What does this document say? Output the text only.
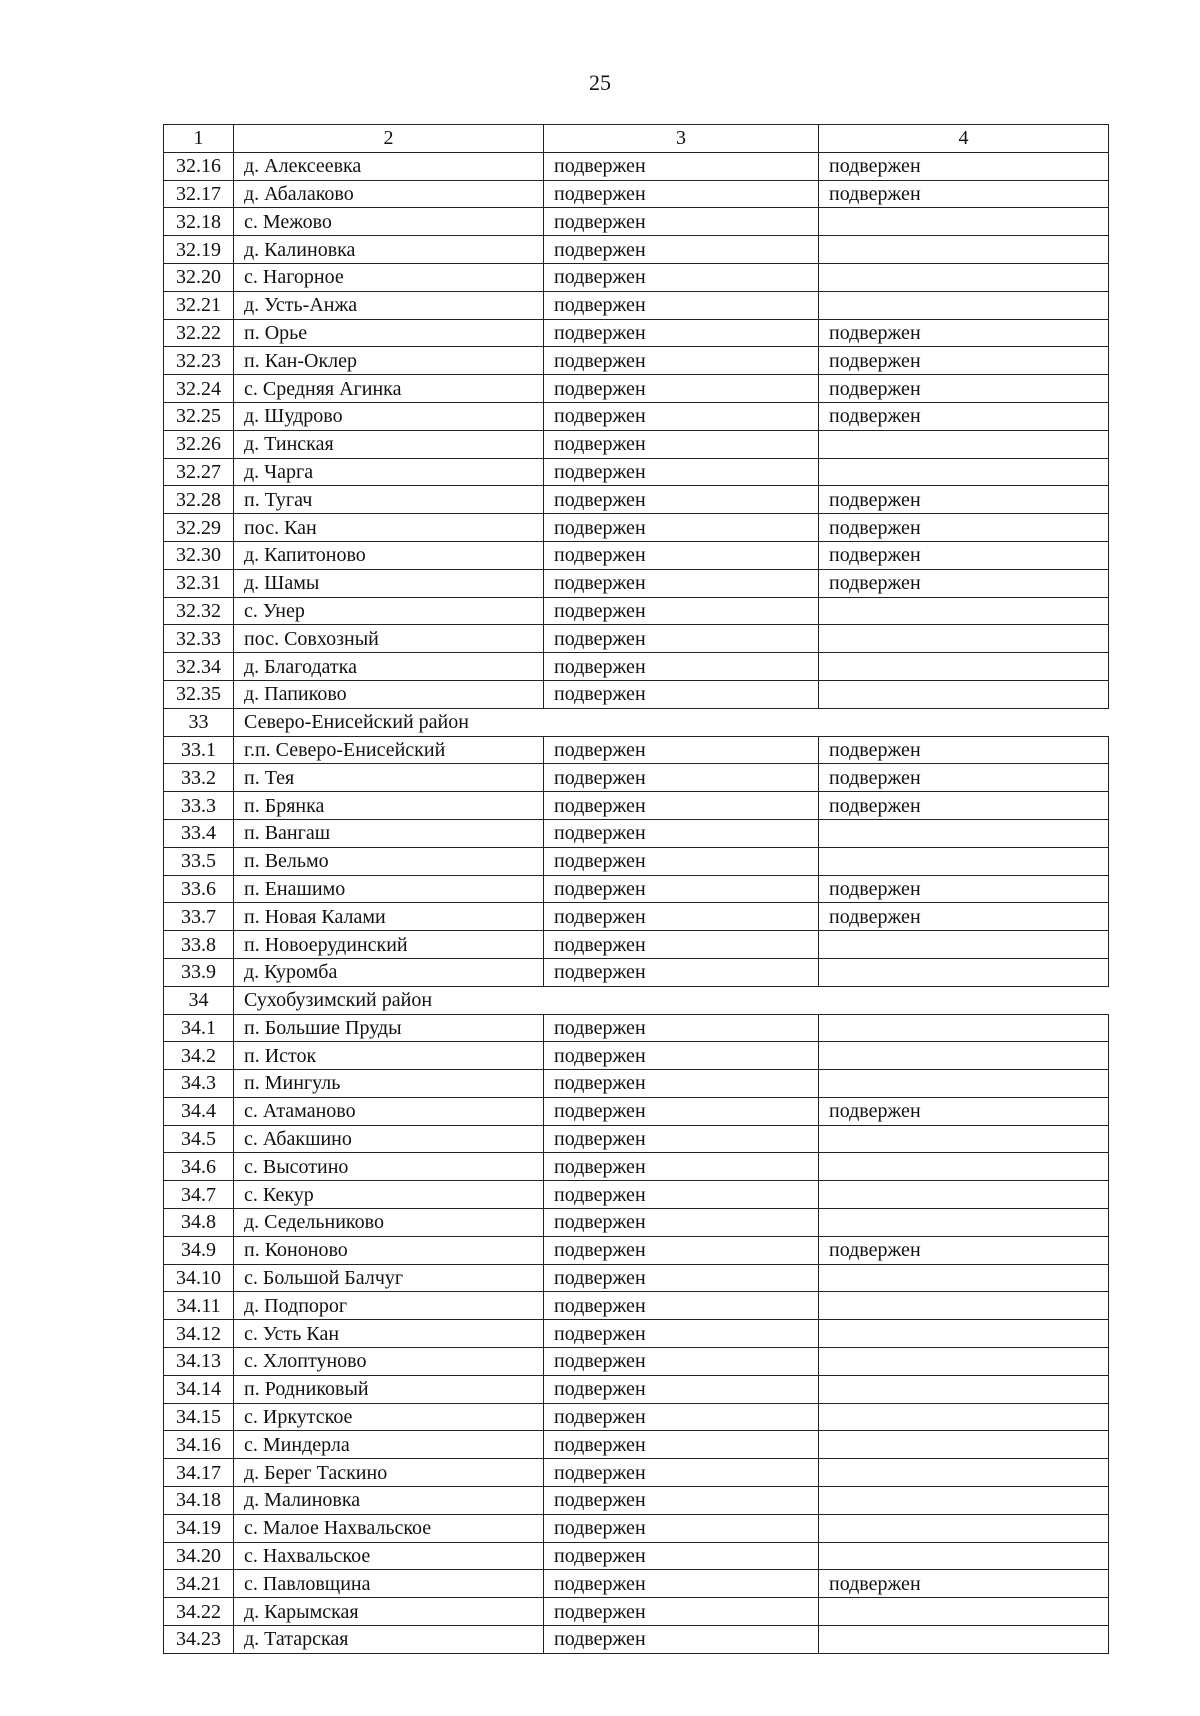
25
1	2	3	4
32.16	д. Алексеевка	подвержен	подвержен
32.17	д. Абалаково	подвержен	подвержен
32.18	с. Межово	подвержен	
32.19	д. Калиновка	подвержен	
32.20	с. Нагорное	подвержен	
32.21	д. Усть-Анжа	подвержен	
32.22	п. Орье	подвержен	подвержен
32.23	п. Кан-Оклер	подвержен	подвержен
32.24	с. Средняя Агинка	подвержен	подвержен
32.25	д. Шудрово	подвержен	подвержен
32.26	д. Тинская	подвержен	
32.27	д. Чарга	подвержен	
32.28	п. Тугач	подвержен	подвержен
32.29	пос. Кан	подвержен	подвержен
32.30	д. Капитоново	подвержен	подвержен
32.31	д. Шамы	подвержен	подвержен
32.32	с. Унер	подвержен	
32.33	пос. Совхозный	подвержен	
32.34	д. Благодатка	подвержен	
32.35	д. Папиково	подвержен	
33	Северо-Енисейский район		
33.1	г.п. Северо-Енисейский	подвержен	подвержен
33.2	п. Тея	подвержен	подвержен
33.3	п. Брянка	подвержен	подвержен
33.4	п. Вангаш	подвержен	
33.5	п. Вельмо	подвержен	
33.6	п. Енашимо	подвержен	подвержен
33.7	п. Новая Калами	подвержен	подвержен
33.8	п. Новоерудинский	подвержен	
33.9	д. Куромба	подвержен	
34	Сухобузимский район		
34.1	п. Большие Пруды	подвержен	
34.2	п. Исток	подвержен	
34.3	п. Мингуль	подвержен	
34.4	с. Атаманово	подвержен	подвержен
34.5	с. Абакшино	подвержен	
34.6	с. Высотино	подвержен	
34.7	с. Кекур	подвержен	
34.8	д. Седельниково	подвержен	
34.9	п. Кононово	подвержен	подвержен
34.10	с. Большой Балчуг	подвержен	
34.11	д. Подпорог	подвержен	
34.12	с. Усть Кан	подвержен	
34.13	с. Хлоптуново	подвержен	
34.14	п. Родниковый	подвержен	
34.15	с. Иркутское	подвержен	
34.16	с. Миндерла	подвержен	
34.17	д. Берег Таскино	подвержен	
34.18	д. Малиновка	подвержен	
34.19	с. Малое Нахвальское	подвержен	
34.20	с. Нахвальское	подвержен	
34.21	с. Павловщина	подвержен	подвержен
34.22	д. Карымская	подвержен	
34.23	д. Татарская	подвержен	
